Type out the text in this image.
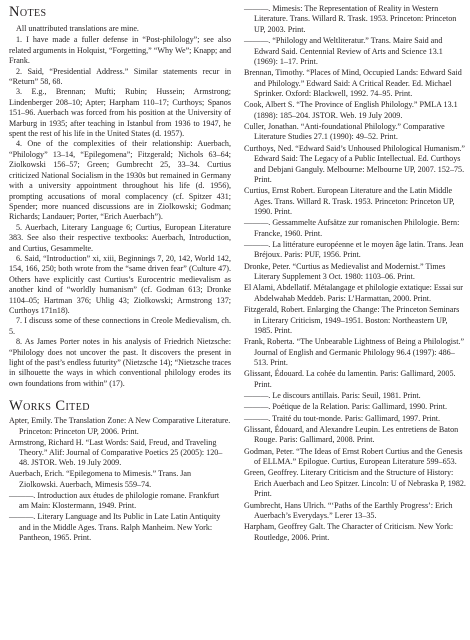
Notes

All unattributed translations are mine.

1. I have made a fuller defense in “Post-philology”; see also related arguments in Holquist, “Forgetting,” “Why We”; Knapp; and Frank.

2. Said, “Presidential Address.” Similar statements recur in “Return” 58, 68.

3. E.g., Brennan; Mufti; Rubin; Hussein; Armstrong; Lindenberger 208–10; Apter; Harpham 110–17; Curthoys; Spanos 151–96. Auerbach was forced from his position at the University of Marburg in 1935; after teaching in Istanbul from 1936 to 1947, he spent the rest of his life in the United States (d. 1957).

4. One of the complexities of their relationship: Auerbach, “Philology” 13–14, “Epilegomena”; Fitzgerald; Nichols 63–64; Ziolkowski 156–57; Green; Gumbrecht 25, 33–34. Curtius criticized National Socialism in the 1930s but remained in Germany with a university appointment throughout his life (d. 1956), prompting accusations of moral complacency (cf. Spitzer 431; Spender; more nuanced discussions are in Ziolkowski; Godman; Richards; Landauer; Porter, “Erich Auerbach”).

5. Auerbach, Literary Language 6; Curtius, European Literature 383. See also their respective textbooks: Auerbach, Introduction, and Curtius, Gesammelte.

6. Said, “Introduction” xi, xiii, Beginnings 7, 20, 142, World 142, 154, 166, 250; both wrote from the “same driven fear” (Culture 47). Others have explicitly cast Curtius’s Eurocentric medievalism as another kind of “worldly humanism” (cf. Godman 613; Dronke 1104–05; Hartman 376; Uhlig 43; Ziolkowski; Armstrong 137; Curthoys 171n18).

7. I discuss some of these connections in Creole Medievalism, ch. 5.

8. As James Porter notes in his analysis of Friedrich Nietzsche: “Philology does not uncover the past. It discovers the present in light of the past’s endless futurity” (Nietzsche 14); “Nietzsche traces in silhouette the ways in which conventional philology erodes its own foundations from within” (17).

Works Cited

Apter, Emily. The Translation Zone: A New Comparative Literature. Princeton: Princeton UP, 2006. Print.

Armstrong, Richard H. “Last Words: Said, Freud, and Traveling Theory.” Alif: Journal of Comparative Poetics 25 (2005): 120–48. JSTOR. Web. 19 July 2009.

Auerbach, Erich. “Epilegomena to Mimesis.” Trans. Jan Ziolkowski. Auerbach, Mimesis 559–74.

———. Introduction aux études de philologie romane. Frankfurt am Main: Klostermann, 1949. Print.

———. Literary Language and Its Public in Late Latin Antiquity and in the Middle Ages. Trans. Ralph Manheim. New York: Pantheon, 1965. Print.

———. Mimesis: The Representation of Reality in Western Literature. Trans. Willard R. Trask. 1953. Princeton: Princeton UP, 2003. Print.

———. “Philology and Weltliteratur.” Trans. Maire Said and Edward Said. Centennial Review of Arts and Science 13.1 (1969): 1–17. Print.

Brennan, Timothy. “Places of Mind, Occupied Lands: Edward Said and Philology.” Edward Said: A Critical Reader. Ed. Michael Sprinker. Oxford: Blackwell, 1992. 74–95. Print.

Cook, Albert S. “The Province of English Philology.” PMLA 13.1 (1898): 185–204. JSTOR. Web. 19 July 2009.

Culler, Jonathan. “Anti-foundational Philology.” Comparative Literature Studies 27.1 (1990): 49–52. Print.

Curthoys, Ned. “Edward Said’s Unhoused Philological Humanism.” Edward Said: The Legacy of a Public Intellectual. Ed. Curthoys and Debjani Ganguly. Melbourne: Melbourne UP, 2007. 152–75. Print.

Curtius, Ernst Robert. European Literature and the Latin Middle Ages. Trans. Willard R. Trask. 1953. Princeton: Princeton UP, 1990. Print.

———. Gessammelte Aufsätze zur romanischen Philologie. Bern: Francke, 1960. Print.

———. La littérature européenne et le moyen âge latin. Trans. Jean Bréjoux. Paris: PUF, 1956. Print.

Dronke, Peter. “Curtius as Medievalist and Modernist.” Times Literary Supplement 3 Oct. 1980: 1103–06. Print.

El Alami, Abdellatif. Métalangage et philologie extatique: Essai sur Abdelwahab Meddeb. Paris: L’Harmattan, 2000. Print.

Fitzgerald, Robert. Enlarging the Change: The Princeton Seminars in Literary Criticism, 1949–1951. Boston: Northeastern UP, 1985. Print.

Frank, Roberta. “The Unbearable Lightness of Being a Philologist.” Journal of English and Germanic Philology 96.4 (1997): 486–513. Print.

Glissant, Édouard. La cohée du lamentin. Paris: Gallimard, 2005. Print.

———. Le discours antillais. Paris: Seuil, 1981. Print.

———. Poétique de la Relation. Paris: Gallimard, 1990. Print.

———. Traité du tout-monde. Paris: Gallimard, 1997. Print.

Glissant, Édouard, and Alexandre Leupin. Les entretiens de Baton Rouge. Paris: Gallimard, 2008. Print.

Godman, Peter. “The Ideas of Ernst Robert Curtius and the Genesis of ELLMA.” Epilogue. Curtius, European Literature 599–653.

Green, Geoffrey. Literary Criticism and the Structure of History: Erich Auerbach and Leo Spitzer. Lincoln: U of Nebraska P, 1982. Print.

Gumbrecht, Hans Ulrich. “‘Paths of the Earthly Progress’: Erich Auerbach’s Everydays.” Lerer 13–35.

Harpham, Geoffrey Galt. The Character of Criticism. New York: Routledge, 2006. Print.
